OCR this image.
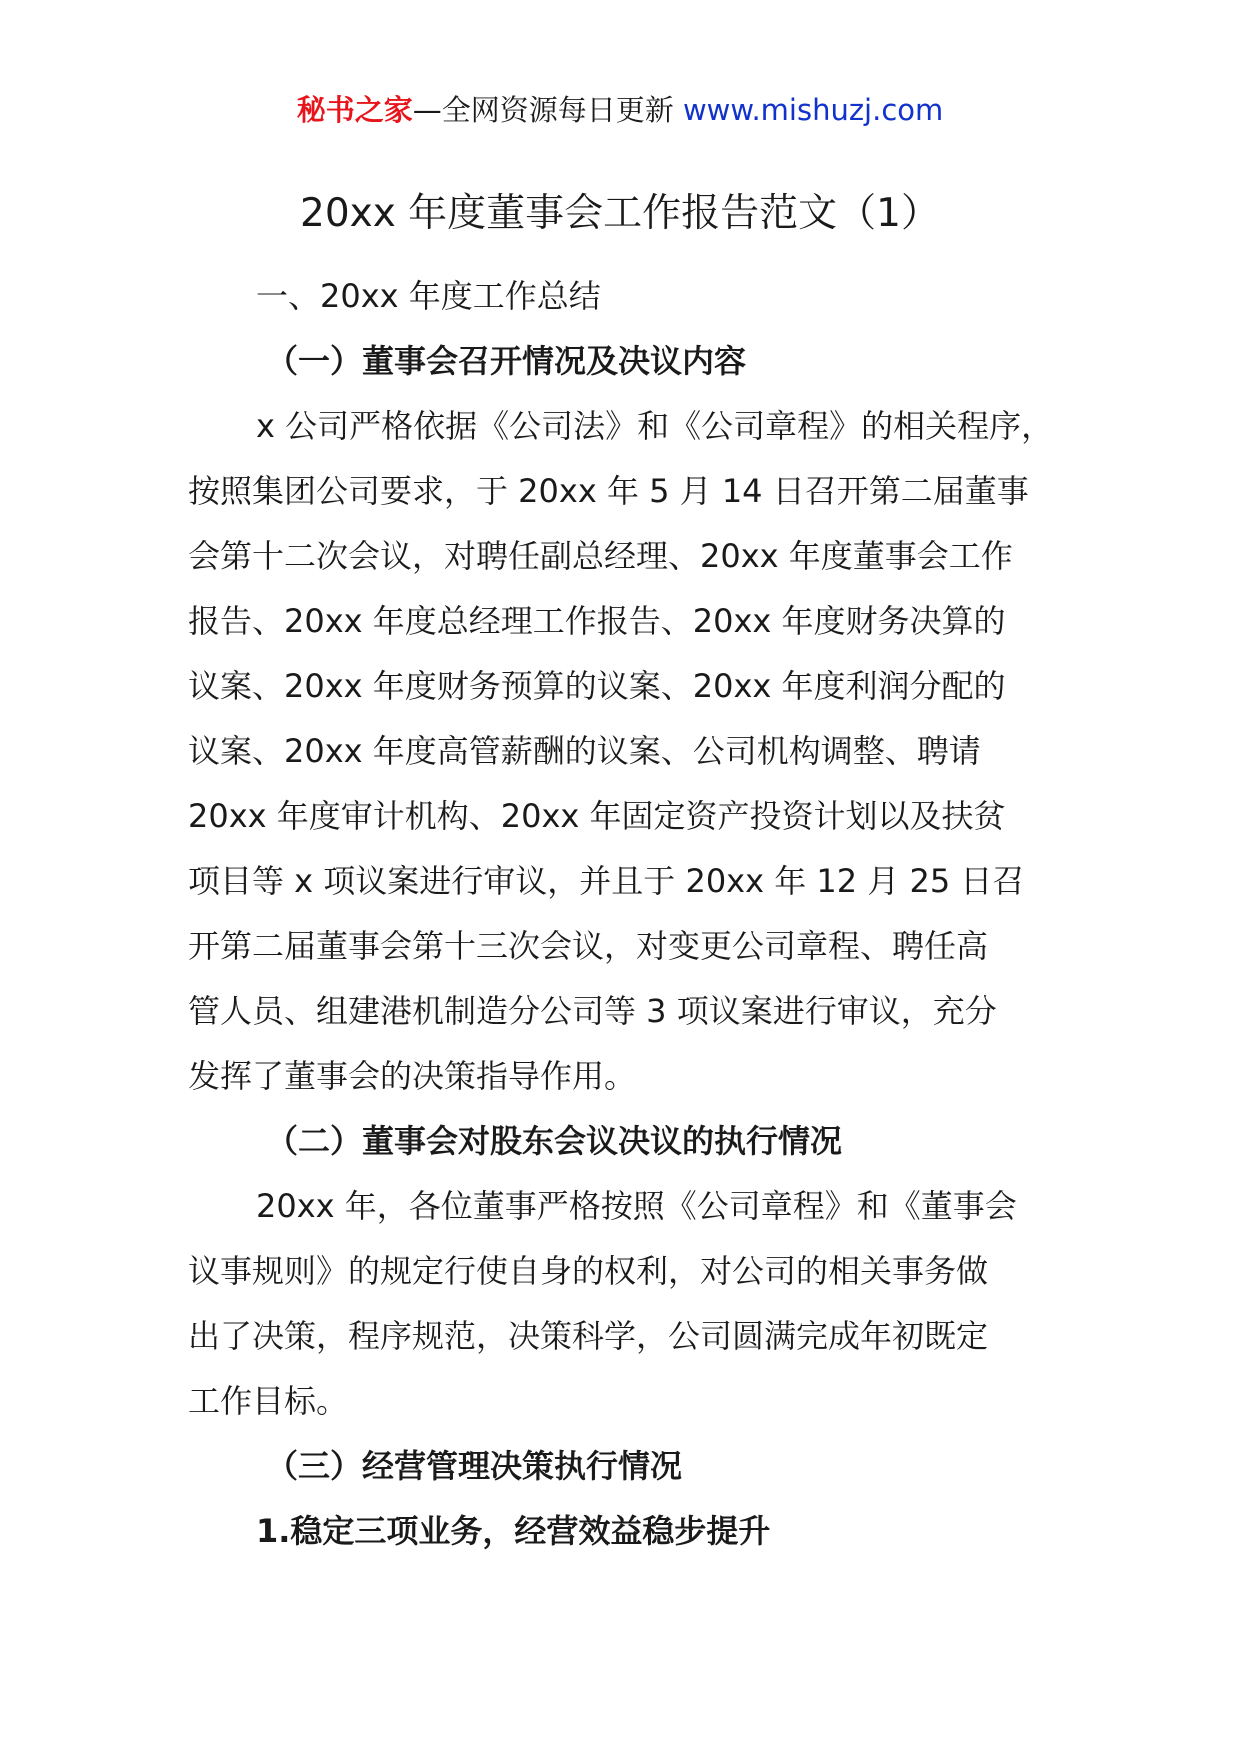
秘书之家—全网资源每日更新 www.mishuzj.com
20xx 年度董事会工作报告范文（1）
一、20xx 年度工作总结
（一）董事会召开情况及决议内容
x 公司严格依据《公司法》和《公司章程》的相关程序，
按照集团公司要求，于 20xx 年 5 月 14 日召开第二届董事
会第十二次会议，对聘任副总经理、20xx 年度董事会工作
报告、20xx 年度总经理工作报告、20xx 年度财务决算的
议案、20xx 年度财务预算的议案、20xx 年度利润分配的
议案、20xx 年度高管薪酬的议案、公司机构调整、聘请
20xx 年度审计机构、20xx 年固定资产投资计划以及扶贫
项目等 x 项议案进行审议，并且于 20xx 年 12 月 25 日召
开第二届董事会第十三次会议，对变更公司章程、聘任高
管人员、组建港机制造分公司等 3 项议案进行审议，充分
发挥了董事会的决策指导作用。
（二）董事会对股东会议决议的执行情况
20xx 年，各位董事严格按照《公司章程》和《董事会
议事规则》的规定行使自身的权利，对公司的相关事务做
出了决策，程序规范，决策科学，公司圆满完成年初既定
工作目标。
（三）经营管理决策执行情况
1.稳定三项业务，经营效益稳步提升
